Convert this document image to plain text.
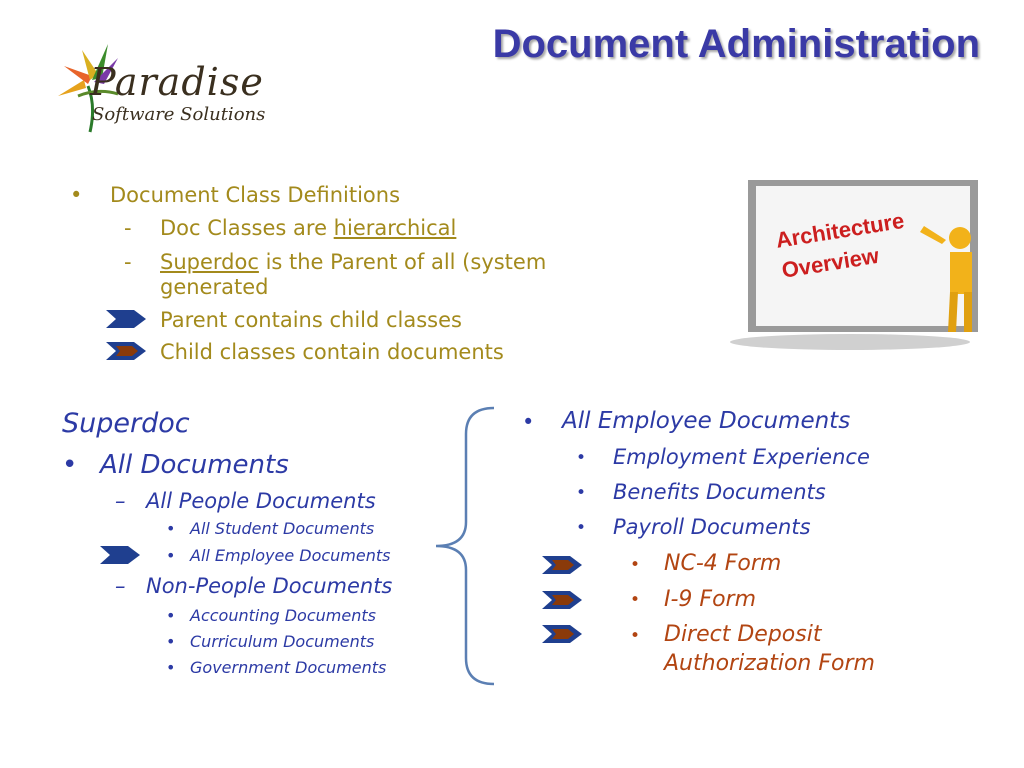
Document Administration
Paradise
Software Solutions
• Document Class Definitions
- Doc Classes are hierarchical
- Superdoc is the Parent of all (system
generated
Parent contains child classes
Child classes contain documents
Architecture
Overview
Superdoc
• All Documents
– All People Documents
• All Student Documents
• All Employee Documents
– Non-People Documents
• Accounting Documents
• Curriculum Documents
• Government Documents
• All Employee Documents
• Employment Experience
• Benefits Documents
• Payroll Documents
• NC-4 Form
• I-9 Form
• Direct Deposit
Authorization Form
